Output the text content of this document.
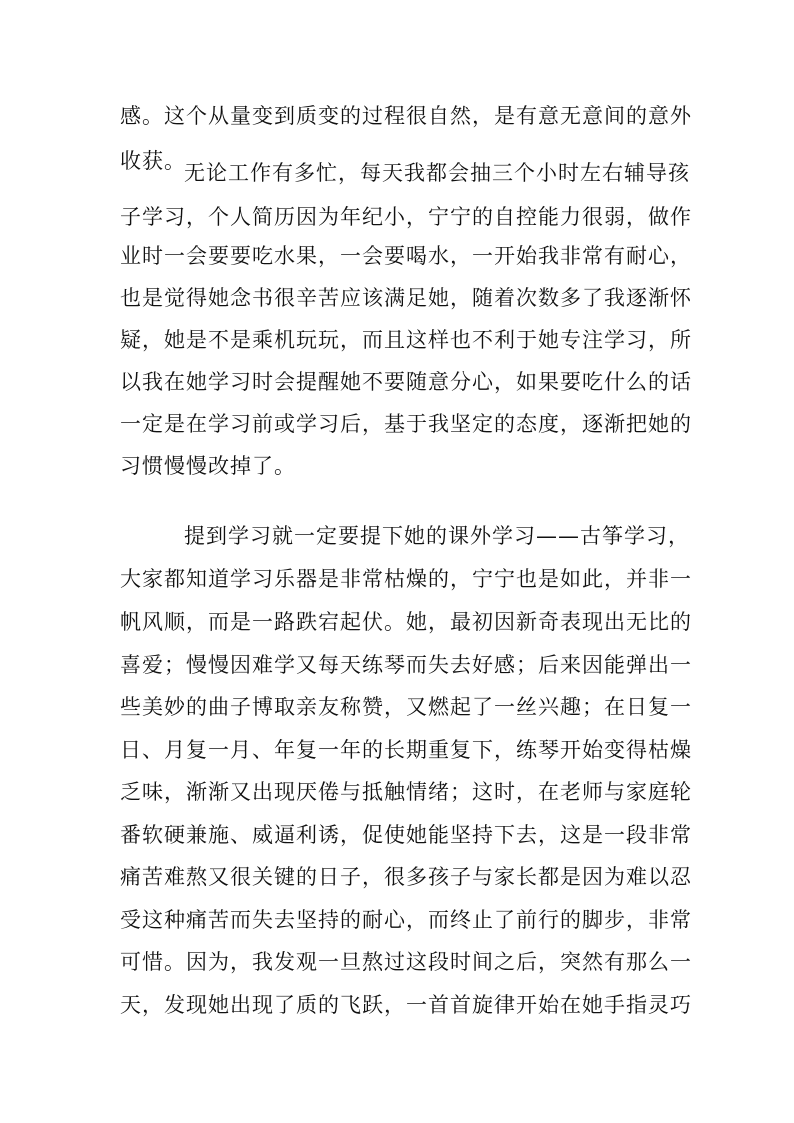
感。这个从量变到质变的过程很自然，是有意无意间的意外
收获。
无论工作有多忙，每天我都会抽三个小时左右辅导孩
子学习，个人简历因为年纪小，宁宁的自控能力很弱，做作
业时一会要要吃水果，一会要喝水，一开始我非常有耐心，
也是觉得她念书很辛苦应该满足她，随着次数多了我逐渐怀
疑，她是不是乘机玩玩，而且这样也不利于她专注学习，所
以我在她学习时会提醒她不要随意分心，如果要吃什么的话
一定是在学习前或学习后，基于我坚定的态度，逐渐把她的
习惯慢慢改掉了。
提到学习就一定要提下她的课外学习——古筝学习，
大家都知道学习乐器是非常枯燥的，宁宁也是如此，并非一
帆风顺，而是一路跌宕起伏。她，最初因新奇表现出无比的
喜爱；慢慢因难学又每天练琴而失去好感；后来因能弹出一
些美妙的曲子博取亲友称赞，又燃起了一丝兴趣；在日复一
日、月复一月、年复一年的长期重复下，练琴开始变得枯燥
乏味，渐渐又出现厌倦与抵触情绪；这时，在老师与家庭轮
番软硬兼施、威逼利诱，促使她能坚持下去，这是一段非常
痛苦难熬又很关键的日子，很多孩子与家长都是因为难以忍
受这种痛苦而失去坚持的耐心，而终止了前行的脚步，非常
可惜。因为，我发观一旦熬过这段时间之后，突然有那么一
天，发现她出现了质的飞跃，一首首旋律开始在她手指灵巧
